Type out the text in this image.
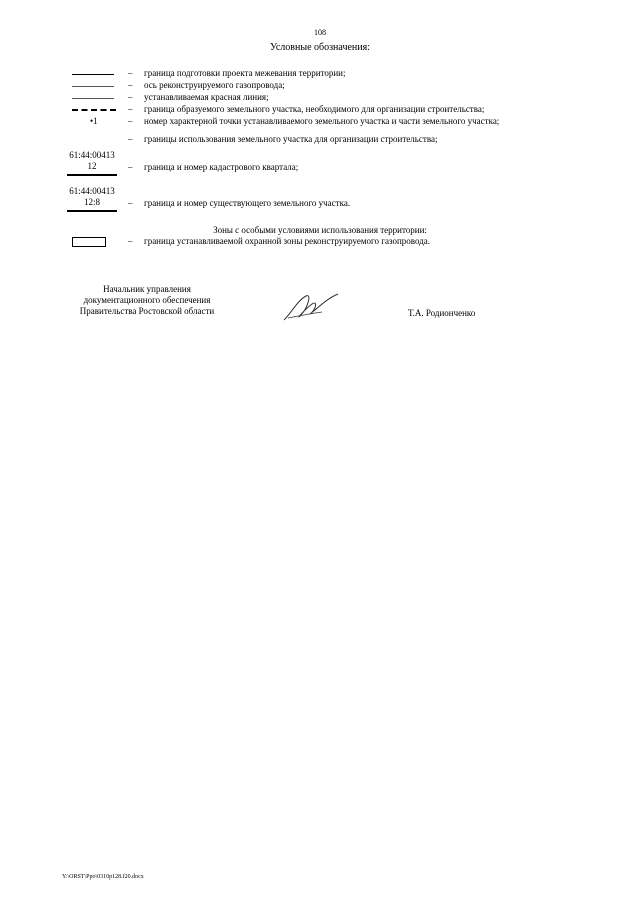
108
Условные обозначения:
– граница подготовки проекта межевания территории;
– ось реконструируемого газопровода;
– устанавливаемая красная линия;
– граница образуемого земельного участка, необходимого для организации строительства;
•1	– номер характерной точки устанавливаемого земельного участка и части земельного участка;
– границы использования земельного участка для организации строительства;
61:44:00413
12	– граница и номер кадастрового квартала;
61:44:00413
12:8	– граница и номер существующего земельного участка.
Зоны с особыми условиями использования территории:
– граница устанавливаемой охранной зоны реконструируемого газопровода.
Начальник управления
документационного обеспечения
Правительства Ростовской области	Т.А. Родионченко
Y:\ORST\Ppo\0310p128.f20.docx
